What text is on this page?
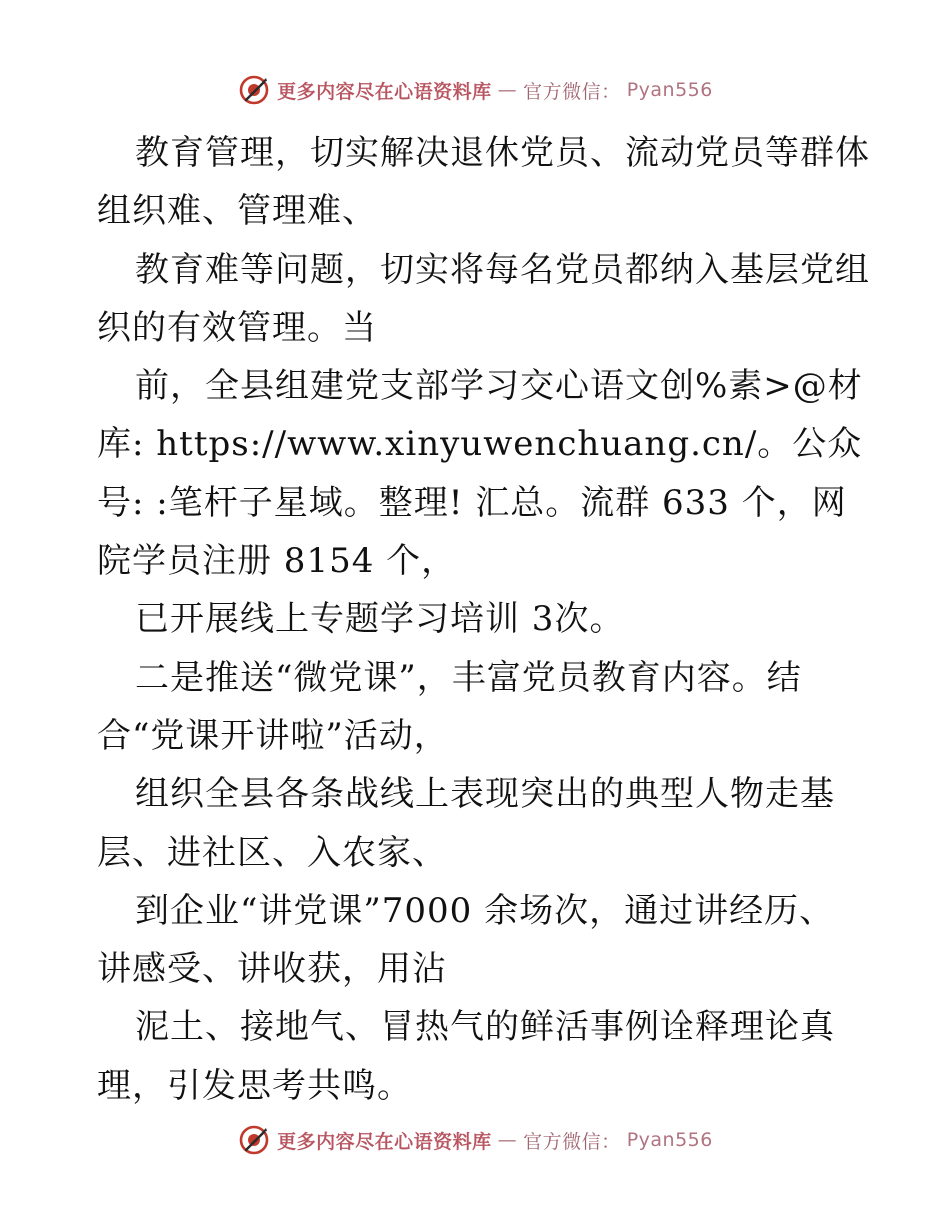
更多内容尽在心语资料库 — 官方微信： Pyan556
教育管理，切实解决退休党员、流动党员等群体
组织难、管理难、
教育难等问题，切实将每名党员都纳入基层党组
织的有效管理。当
前，全县组建党支部学习交心语文创%素>@材
库: https://www.xinyuwenchuang.cn/。公众
号: :笔杆子星域。整理! 汇总。流群 633 个，网
院学员注册 8154 个，
已开展线上专题学习培训 3次。
二是推送“微党课”，丰富党员教育内容。结
合“党课开讲啦”活动，
组织全县各条战线上表现突出的典型人物走基
层、进社区、入农家、
到企业“讲党课”7000 余场次，通过讲经历、
讲感受、讲收获，用沾
泥土、接地气、冒热气的鲜活事例诠释理论真
理，引发思考共鸣。
更多内容尽在心语资料库 — 官方微信： Pyan556
